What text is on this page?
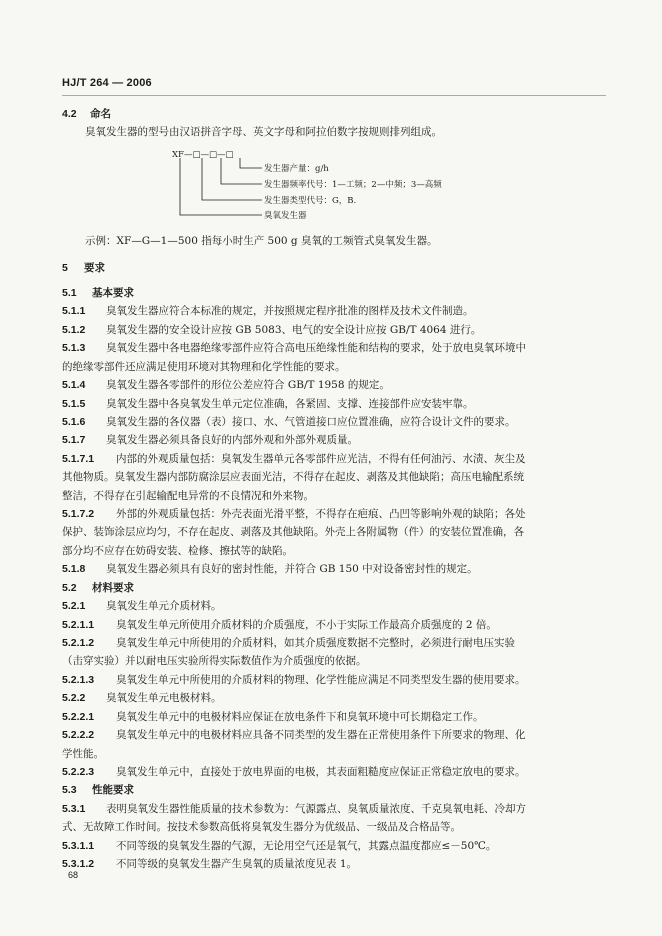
HJ/T 264 — 2006
4.2 命名
臭氧发生器的型号由汉语拼音字母、英文字母和阿拉伯数字按规则排列组成。
XF—□—□—□
发生器产量：g/h
发生器频率代号：1—工频；2—中频；3—高频
发生器类型代号：G，B.
臭氧发生器
示例：XF—G—1—500 指每小时生产 500 g 臭氧的工频管式臭氧发生器。
5 要求
5.1 基本要求
5.1.1 臭氧发生器应符合本标准的规定，并按照规定程序批准的图样及技术文件制造。
5.1.2 臭氧发生器的安全设计应按 GB 5083、电气的安全设计应按 GB/T 4064 进行。
5.1.3 臭氧发生器中各电器绝缘零部件应符合高电压绝缘性能和结构的要求，处于放电臭氧环境中
的绝缘零部件还应满足使用环境对其物理和化学性能的要求。
5.1.4 臭氧发生器各零部件的形位公差应符合 GB/T 1958 的规定。
5.1.5 臭氧发生器中各臭氧发生单元定位准确，各紧固、支撑、连接部件应安装牢靠。
5.1.6 臭氧发生器的各仪器（表）接口、水、气管道接口应位置准确，应符合设计文件的要求。
5.1.7 臭氧发生器必须具备良好的内部外观和外部外观质量。
5.1.7.1 内部的外观质量包括：臭氧发生器单元各零部件应光洁，不得有任何油污、水渍、灰尘及
其他物质。臭氧发生器内部防腐涂层应表面光洁，不得存在起皮、剥落及其他缺陷；高压电输配系统
整洁，不得存在引起输配电异常的不良情况和外来物。
5.1.7.2 外部的外观质量包括：外壳表面光滑平整，不得存在疤痕、凸凹等影响外观的缺陷；各处
保护、装饰涂层应均匀，不存在起皮、剥落及其他缺陷。外壳上各附属物（件）的安装位置准确，各
部分均不应存在妨碍安装、检修、擦拭等的缺陷。
5.1.8 臭氧发生器必须具有良好的密封性能，并符合 GB 150 中对设备密封性的规定。
5.2 材料要求
5.2.1 臭氧发生单元介质材料。
5.2.1.1 臭氧发生单元所使用介质材料的介质强度，不小于实际工作最高介质强度的 2 倍。
5.2.1.2 臭氧发生单元中所使用的介质材料，如其介质强度数据不完整时，必须进行耐电压实验
（击穿实验）并以耐电压实验所得实际数值作为介质强度的依据。
5.2.1.3 臭氧发生单元中所使用的介质材料的物理、化学性能应满足不同类型发生器的使用要求。
5.2.2 臭氧发生单元电极材料。
5.2.2.1 臭氧发生单元中的电极材料应保证在放电条件下和臭氧环境中可长期稳定工作。
5.2.2.2 臭氧发生单元中的电极材料应具备不同类型的发生器在正常使用条件下所要求的物理、化
学性能。
5.2.2.3 臭氧发生单元中，直接处于放电界面的电极，其表面粗糙度应保证正常稳定放电的要求。
5.3 性能要求
5.3.1 表明臭氧发生器性能质量的技术参数为：气源露点、臭氧质量浓度、千克臭氧电耗、冷却方
式、无故障工作时间。按技术参数高低将臭氧发生器分为优级品、一级品及合格品等。
5.3.1.1 不同等级的臭氧发生器的气源，无论用空气还是氧气，其露点温度都应≤－50℃。
5.3.1.2 不同等级的臭氧发生器产生臭氧的质量浓度见表 1。
68
